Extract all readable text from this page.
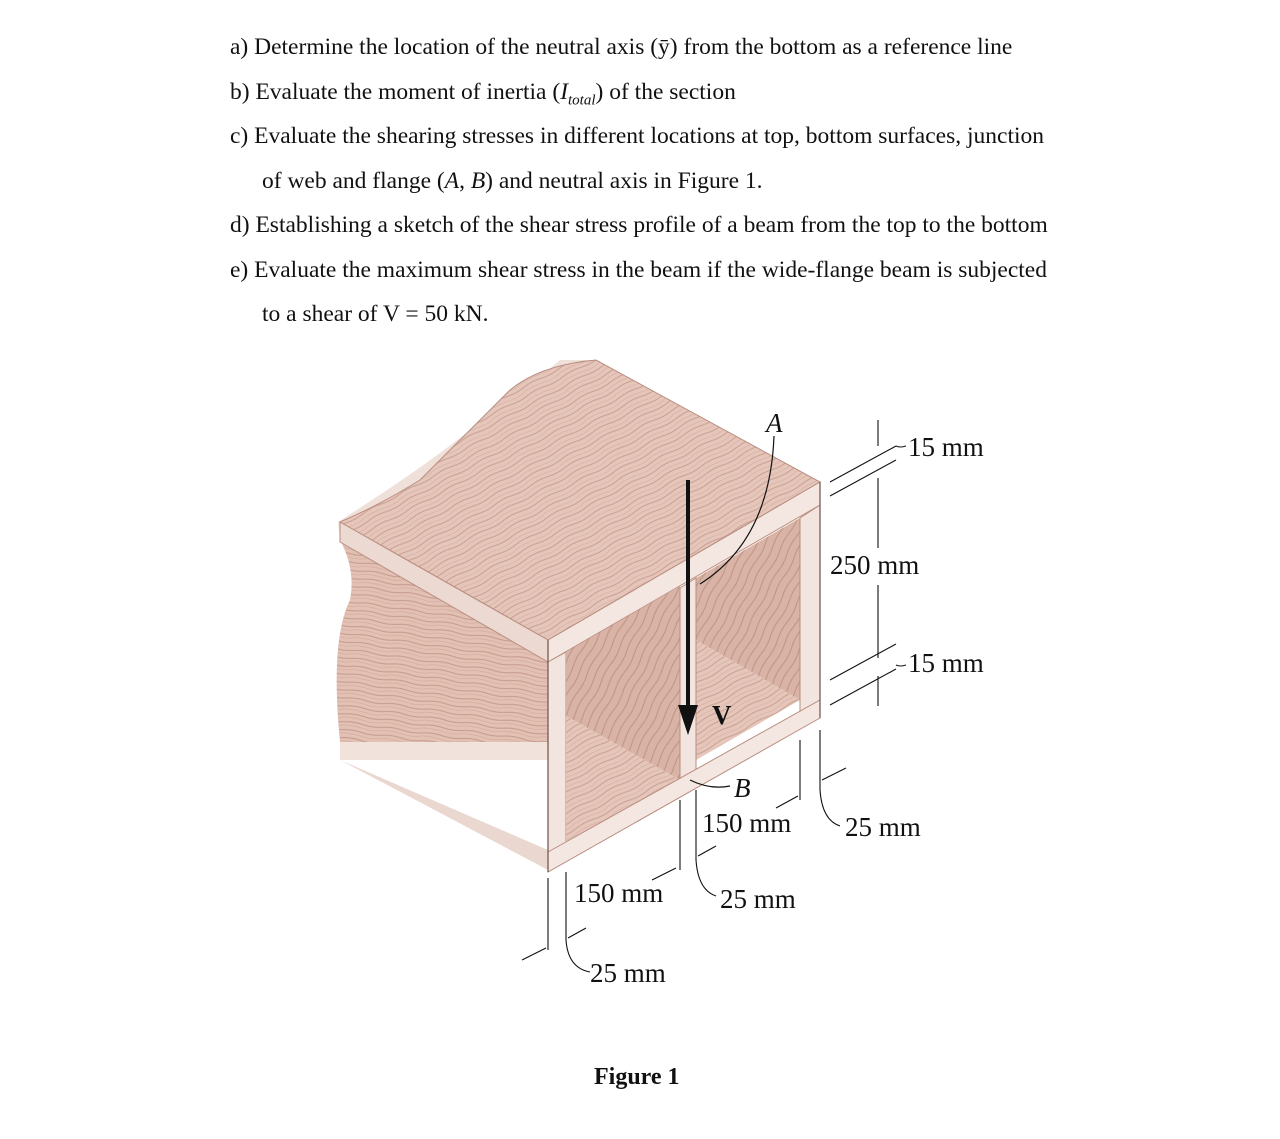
a) Determine the location of the neutral axis (ȳ) from the bottom as a reference line
b) Evaluate the moment of inertia $(I_{total})$ of the section
c) Evaluate the shearing stresses in different locations at top, bottom surfaces, junction
of web and flange (A, B) and neutral axis in Figure 1.
d) Establishing a sketch of the shear stress profile of a beam from the top to the bottom
e) Evaluate the maximum shear stress in the beam if the wide-flange beam is subjected
to a shear of V = 50 kN.
A
B
V
15 mm
250 mm
15 mm
150 mm 25 mm
150 mm 25 mm
25 mm
Figure 1
